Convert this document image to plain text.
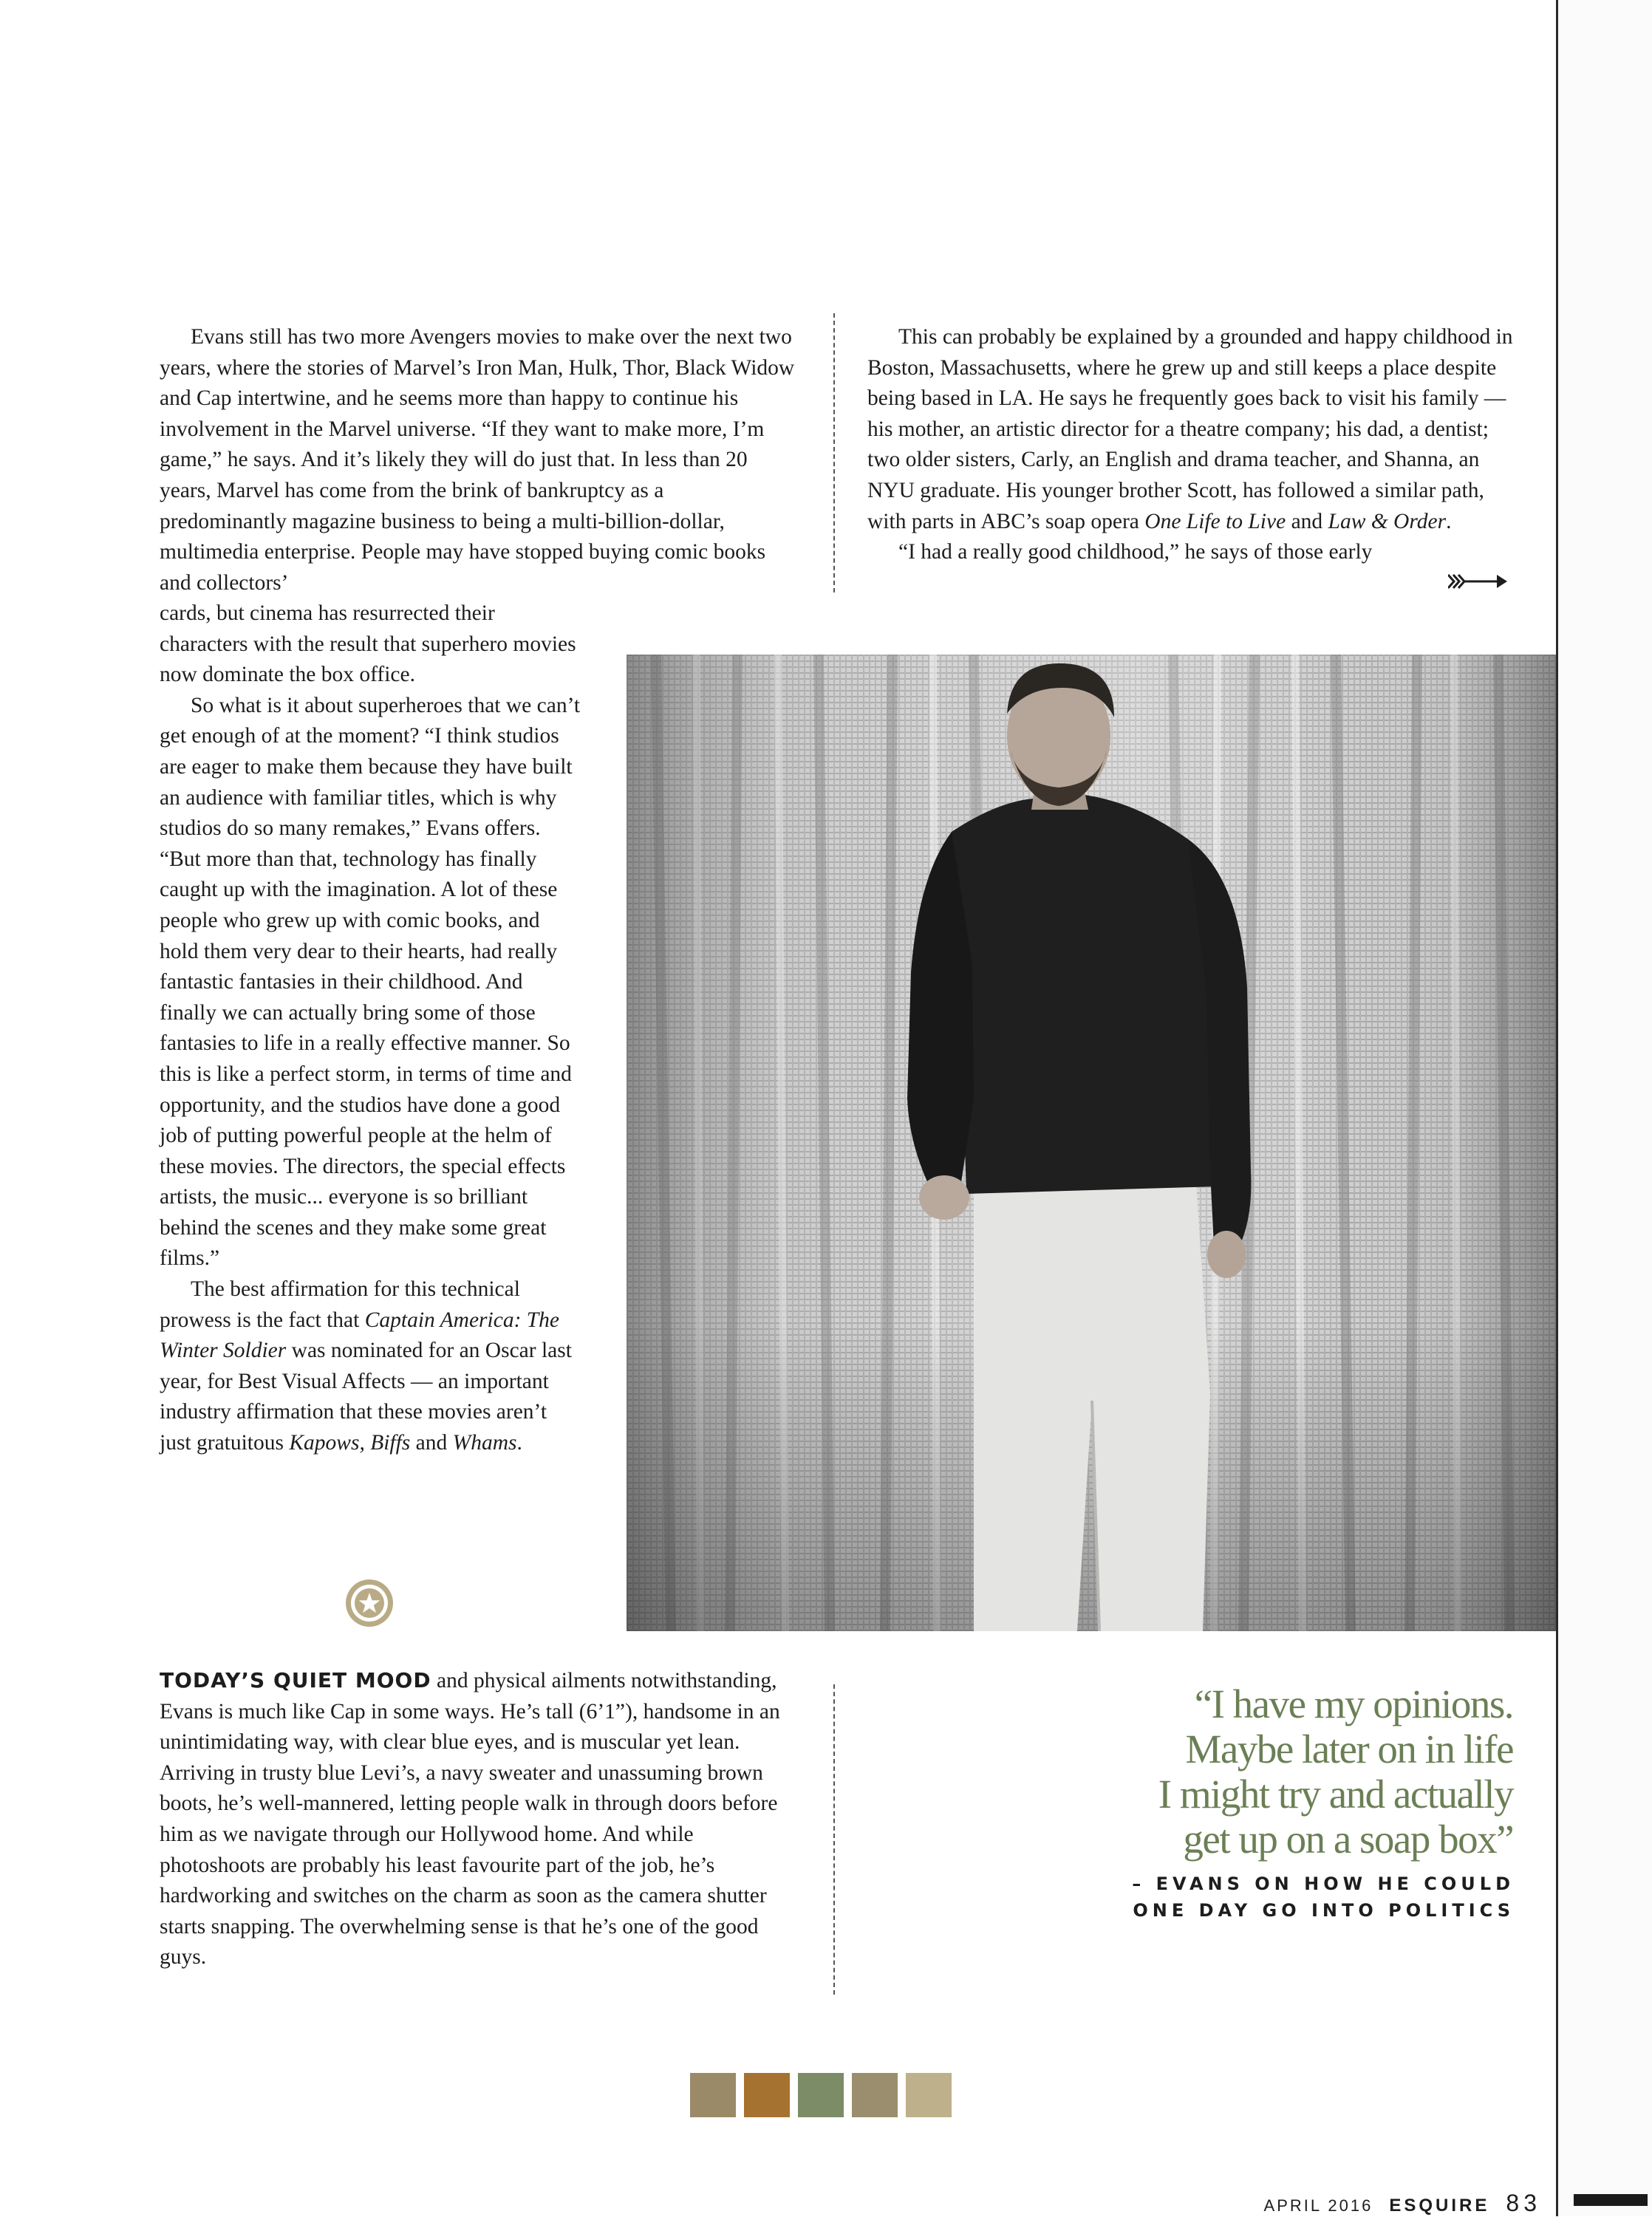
Evans still has two more Avengers movies to make over the next two years, where the stories of Marvel’s Iron Man, Hulk, Thor, Black Widow and Cap intertwine, and he seems more than happy to continue his involvement in the Marvel universe. “If they want to make more, I’m game,” he says. And it’s likely they will do just that. In less than 20 years, Marvel has come from the brink of bankruptcy as a predominantly magazine business to being a multi-billion-dollar, multimedia enterprise. People may have stopped buying comic books and collectors’

cards, but cinema has resurrected their characters with the result that superhero movies now dominate the box office.

So what is it about superheroes that we can’t get enough of at the moment? “I think studios are eager to make them because they have built an audience with familiar titles, which is why studios do so many remakes,” Evans offers. “But more than that, technology has finally caught up with the imagination. A lot of these people who grew up with comic books, and hold them very dear to their hearts, had really fantastic fantasies in their childhood. And finally we can actually bring some of those fantasies to life in a really effective manner. So this is like a perfect storm, in terms of time and opportunity, and the studios have done a good job of putting powerful people at the helm of these movies. The directors, the special effects artists, the music... everyone is so brilliant behind the scenes and they make some great films.”

The best affirmation for this technical prowess is the fact that Captain America: The Winter Soldier was nominated for an Oscar last year, for Best Visual Affects — an important industry affirmation that these movies aren’t just gratuitous Kapows, Biffs and Whams.

This can probably be explained by a grounded and happy childhood in Boston, Massachusetts, where he grew up and still keeps a place despite being based in LA. He says he frequently goes back to visit his family — his mother, an artistic director for a theatre company; his dad, a dentist; two older sisters, Carly, an English and drama teacher, and Shanna, an NYU graduate. His younger brother Scott, has followed a similar path, with parts in ABC’s soap opera One Life to Live and Law & Order.

“I had a really good childhood,” he says of those early

TODAY’S QUIET MOOD and physical ailments notwithstanding, Evans is much like Cap in some ways. He’s tall (6’1”), handsome in an unintimidating way, with clear blue eyes, and is muscular yet lean. Arriving in trusty blue Levi’s, a navy sweater and unassuming brown boots, he’s well-mannered, letting people walk in through doors before him as we navigate through our Hollywood home. And while photoshoots are probably his least favourite part of the job, he’s hardworking and switches on the charm as soon as the camera shutter starts snapping. The overwhelming sense is that he’s one of the good guys.

“I have my opinions.
Maybe later on in life
I might try and actually
get up on a soap box”
– EVANS ON HOW HE COULD
ONE DAY GO INTO POLITICS
APRIL 2016 ESQUIRE 83
